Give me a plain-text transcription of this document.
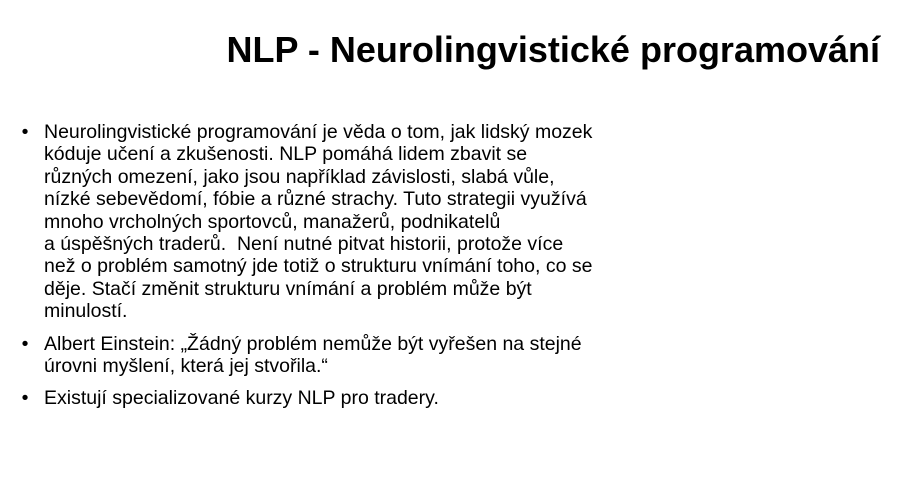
NLP - Neurolingvistické programování
• Neurolingvistické programování je věda o tom, jak lidský mozek
kóduje učení a zkušenosti. NLP pomáhá lidem zbavit se
různých omezení, jako jsou například závislosti, slabá vůle,
nízké sebevědomí, fóbie a různé strachy. Tuto strategii využívá
mnoho vrcholných sportovců, manažerů, podnikatelů
a úspěšných traderů.  Není nutné pitvat historii, protože více
než o problém samotný jde totiž o strukturu vnímání toho, co se
děje. Stačí změnit strukturu vnímání a problém může být
minulostí.
• Albert Einstein: „Žádný problém nemůže být vyřešen na stejné
úrovni myšlení, která jej stvořila.“
• Existují specializované kurzy NLP pro tradery.
